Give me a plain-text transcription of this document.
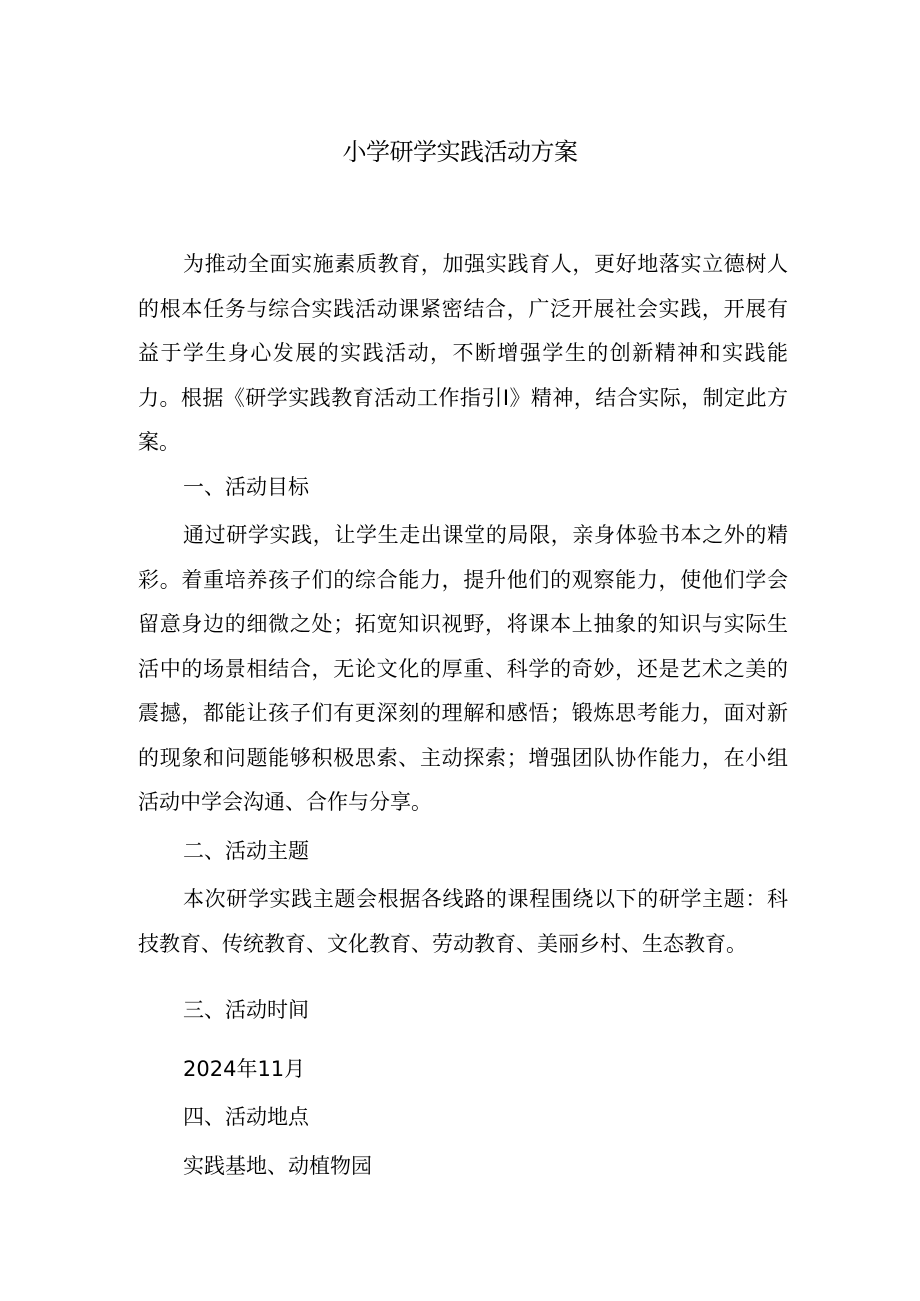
小学研学实践活动方案

为推动全面实施素质教育，加强实践育人，更好地落实立德树人的根本任务与综合实践活动课紧密结合，广泛开展社会实践，开展有益于学生身心发展的实践活动，不断增强学生的创新精神和实践能力。根据《研学实践教育活动工作指引I》精神，结合实际，制定此方案。

一、活动目标

通过研学实践，让学生走出课堂的局限，亲身体验书本之外的精彩。着重培养孩子们的综合能力，提升他们的观察能力，使他们学会留意身边的细微之处；拓宽知识视野，将课本上抽象的知识与实际生活中的场景相结合，无论文化的厚重、科学的奇妙，还是艺术之美的震撼，都能让孩子们有更深刻的理解和感悟；锻炼思考能力，面对新的现象和问题能够积极思索、主动探索；增强团队协作能力，在小组活动中学会沟通、合作与分享。

二、活动主题

本次研学实践主题会根据各线路的课程围绕以下的研学主题：科技教育、传统教育、文化教育、劳动教育、美丽乡村、生态教育。

三、活动时间

2024年11月

四、活动地点

实践基地、动植物园
